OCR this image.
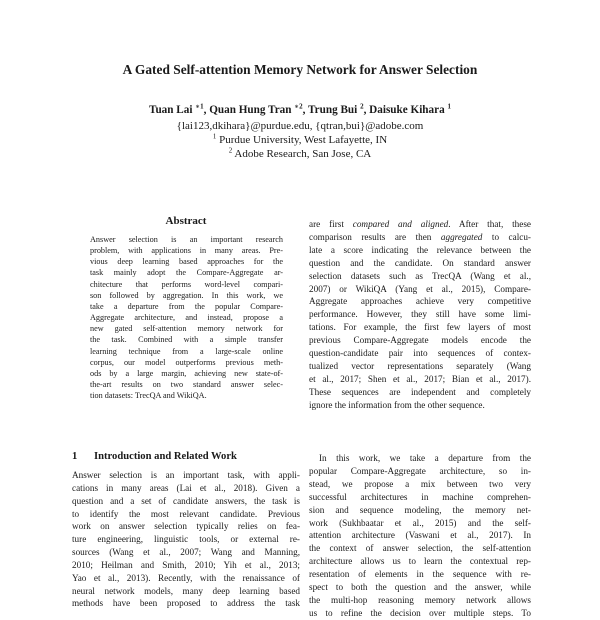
A Gated Self-attention Memory Network for Answer Selection
Tuan Lai $^{∗1}$, Quan Hung Tran $^{∗2}$, Trung Bui $^2$, Daisuke Kihara $^1$
{lai123,dkihara}@purdue.edu, {qtran,bui}@adobe.com
$^1$ Purdue University, West Lafayette, IN
$^2$ Adobe Research, San Jose, CA
Abstract
Answer selection is an important research
problem, with applications in many areas. Pre-
vious deep learning based approaches for the
task mainly adopt the Compare-Aggregate ar-
chitecture that performs word-level compari-
son followed by aggregation. In this work, we
take a departure from the popular Compare-
Aggregate architecture, and instead, propose a
new gated self-attention memory network for
the task. Combined with a simple transfer
learning technique from a large-scale online
corpus, our model outperforms previous meth-
ods by a large margin, achieving new state-of-
the-art results on two standard answer selec-
tion datasets: TrecQA and WikiQA.
1 Introduction and Related Work
Answer selection is an important task, with appli-
cations in many areas (Lai et al., 2018). Given a
question and a set of candidate answers, the task is
to identify the most relevant candidate. Previous
work on answer selection typically relies on fea-
ture engineering, linguistic tools, or external re-
sources (Wang et al., 2007; Wang and Manning,
2010; Heilman and Smith, 2010; Yih et al., 2013;
Yao et al., 2013). Recently, with the renaissance of
neural network models, many deep learning based
methods have been proposed to address the task
are first compared and aligned. After that, these
comparison results are then aggregated to calcu-
late a score indicating the relevance between the
question and the candidate. On standard answer
selection datasets such as TrecQA (Wang et al.,
2007) or WikiQA (Yang et al., 2015), Compare-
Aggregate approaches achieve very competitive
performance. However, they still have some limi-
tations. For example, the first few layers of most
previous Compare-Aggregate models encode the
question-candidate pair into sequences of contex-
tualized vector representations separately (Wang
et al., 2017; Shen et al., 2017; Bian et al., 2017).
These sequences are independent and completely
ignore the information from the other sequence.
In this work, we take a departure from the
popular Compare-Aggregate architecture, so in-
stead, we propose a mix between two very
successful architectures in machine comprehen-
sion and sequence modeling, the memory net-
work (Sukhbaatar et al., 2015) and the self-
attention architecture (Vaswani et al., 2017). In
the context of answer selection, the self-attention
architecture allows us to learn the contextual rep-
resentation of elements in the sequence with re-
spect to both the question and the answer, while
the multi-hop reasoning memory network allows
us to refine the decision over multiple steps. To
